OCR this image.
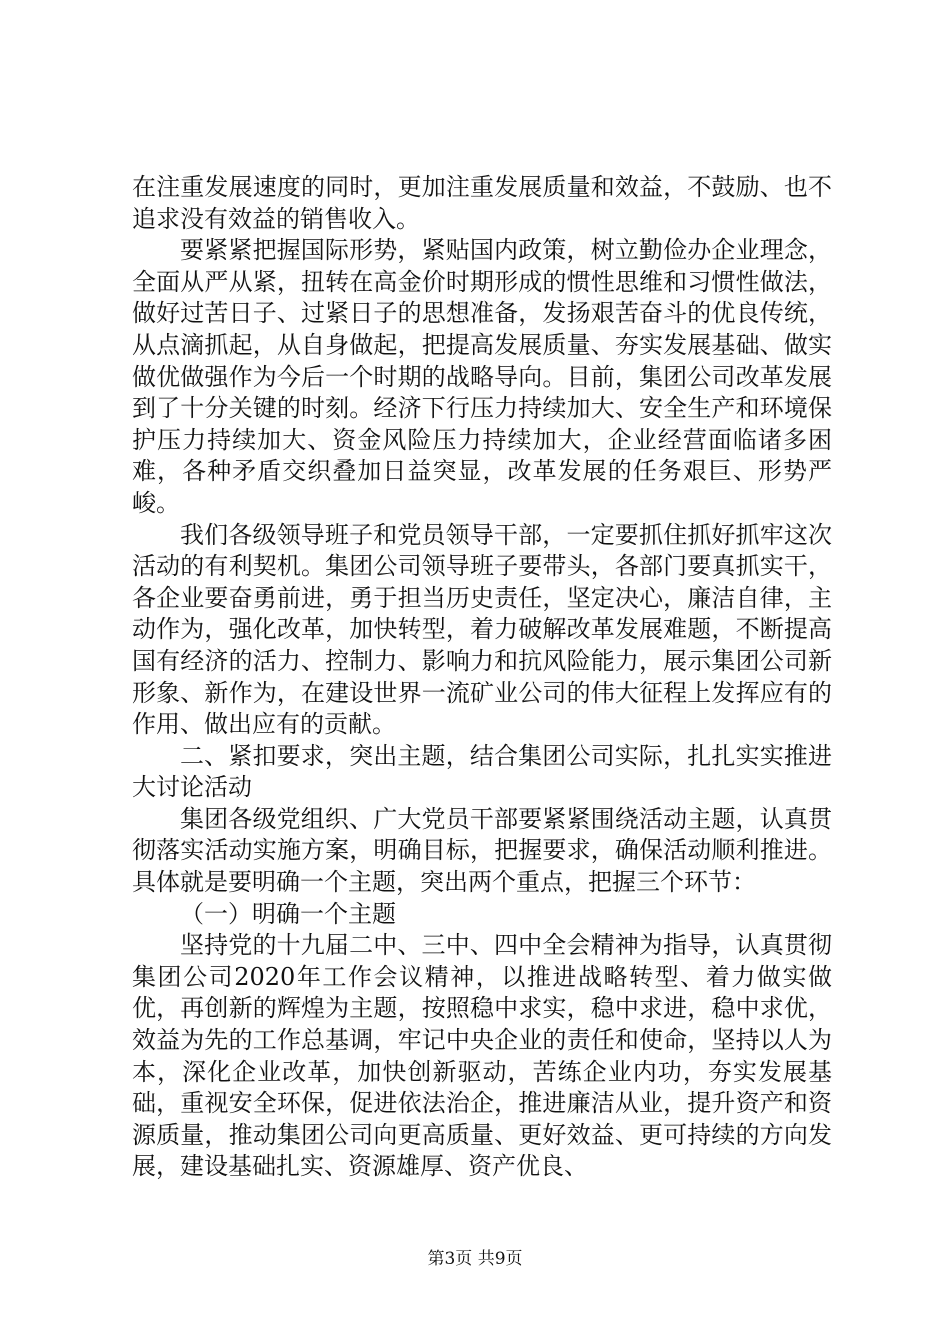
在注重发展速度的同时，更加注重发展质量和效益，不鼓励、也不追求没有效益的销售收入。

要紧紧把握国际形势，紧贴国内政策，树立勤俭办企业理念，全面从严从紧，扭转在高金价时期形成的惯性思维和习惯性做法，做好过苦日子、过紧日子的思想准备，发扬艰苦奋斗的优良传统，从点滴抓起，从自身做起，把提高发展质量、夯实发展基础、做实做优做强作为今后一个时期的战略导向。目前，集团公司改革发展到了十分关键的时刻。经济下行压力持续加大、安全生产和环境保护压力持续加大、资金风险压力持续加大，企业经营面临诸多困难，各种矛盾交织叠加日益突显，改革发展的任务艰巨、形势严峻。

我们各级领导班子和党员领导干部，一定要抓住抓好抓牢这次活动的有利契机。集团公司领导班子要带头，各部门要真抓实干，各企业要奋勇前进，勇于担当历史责任，坚定决心，廉洁自律，主动作为，强化改革，加快转型，着力破解改革发展难题，不断提高国有经济的活力、控制力、影响力和抗风险能力，展示集团公司新形象、新作为，在建设世界一流矿业公司的伟大征程上发挥应有的作用、做出应有的贡献。

二、紧扣要求，突出主题，结合集团公司实际，扎扎实实推进大讨论活动

集团各级党组织、广大党员干部要紧紧围绕活动主题，认真贯彻落实活动实施方案，明确目标，把握要求，确保活动顺利推进。具体就是要明确一个主题，突出两个重点，把握三个环节：

（一）明确一个主题

坚持党的十九届二中、三中、四中全会精神为指导，认真贯彻集团公司2020年工作会议精神，以推进战略转型、着力做实做优，再创新的辉煌为主题，按照稳中求实，稳中求进，稳中求优，效益为先的工作总基调，牢记中央企业的责任和使命，坚持以人为本，深化企业改革，加快创新驱动，苦练企业内功，夯实发展基础，重视安全环保，促进依法治企，推进廉洁从业，提升资产和资源质量，推动集团公司向更高质量、更好效益、更可持续的方向发展，建设基础扎实、资源雄厚、资产优良、

第3页 共9页
